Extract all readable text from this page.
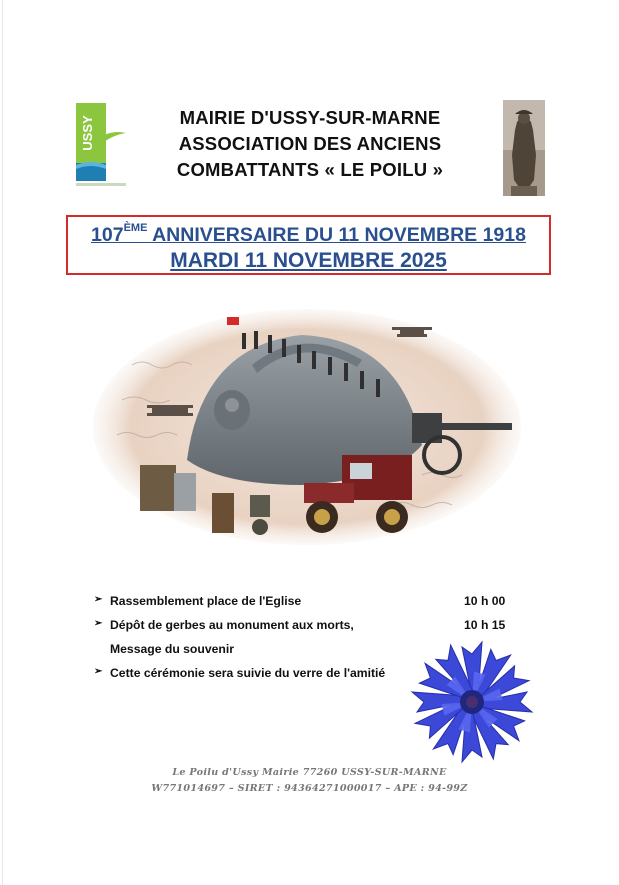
USSY	MAIRIE D'USSY-SUR-MARNE
ASSOCIATION DES ANCIENS
COMBATTANTS « LE POILU »
107ÈME ANNIVERSAIRE DU 11 NOVEMBRE 1918
MARDI 11 NOVEMBRE 2025
➢ Rassemblement place de l'Eglise	10 h 00
➢ Dépôt de gerbes au monument aux morts,	10 h 15
Message du souvenir
➢ Cette cérémonie sera suivie du verre de l'amitié
Le Poilu d'Ussy Mairie 77260 USSY-SUR-MARNE
W771014697 – SIRET : 94364271000017 – APE : 94-99Z
